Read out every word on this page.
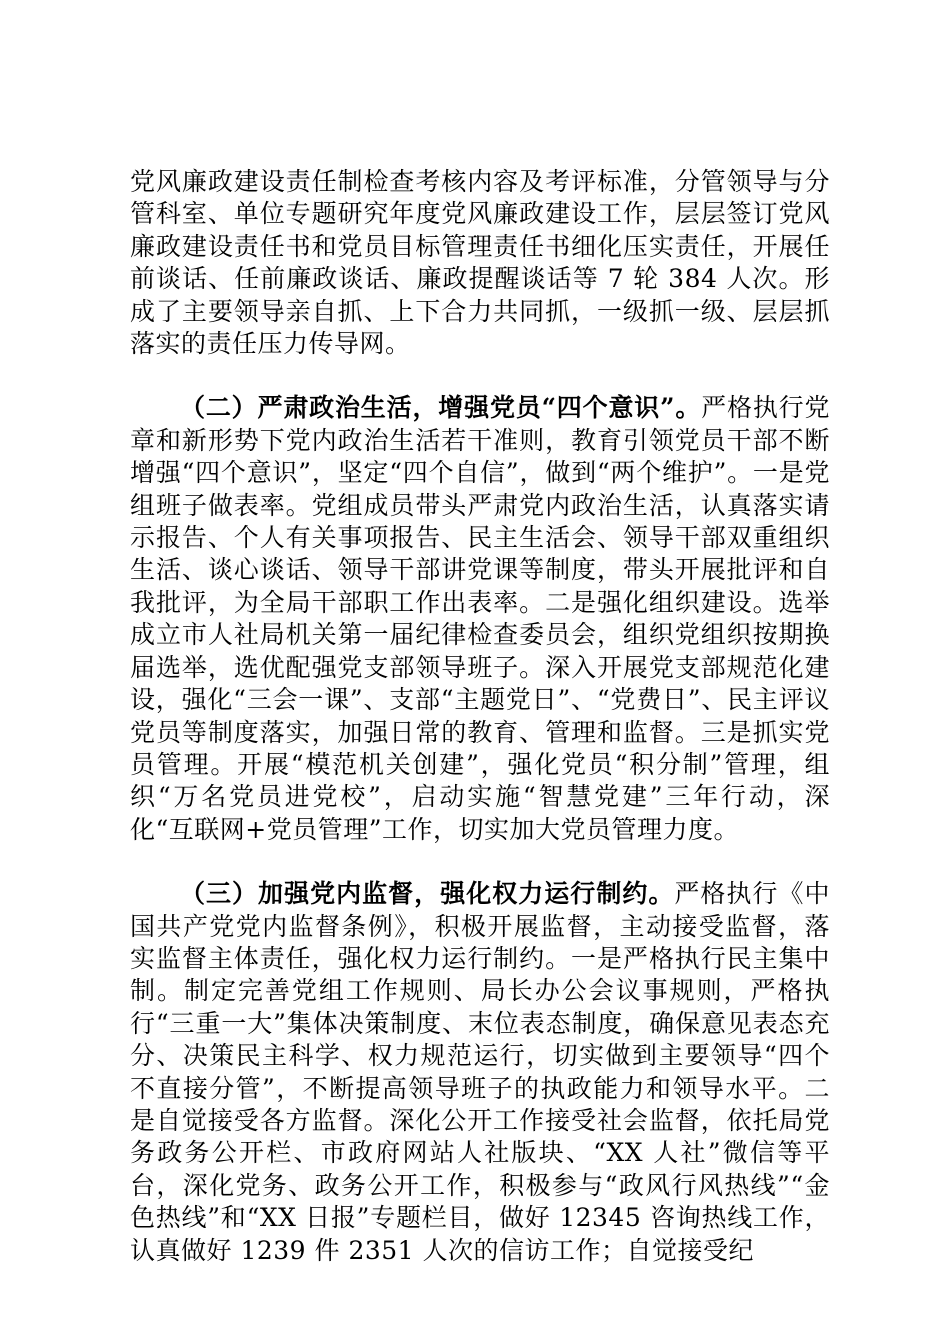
党风廉政建设责任制检查考核内容及考评标准，分管领导与分管科室、单位专题研究年度党风廉政建设工作，层层签订党风廉政建设责任书和党员目标管理责任书细化压实责任，开展任前谈话、任前廉政谈话、廉政提醒谈话等 7 轮 384 人次。形成了主要领导亲自抓、上下合力共同抓，一级抓一级、层层抓落实的责任压力传导网。

（二）严肃政治生活，增强党员“四个意识”。严格执行党章和新形势下党内政治生活若干准则，教育引领党员干部不断增强“四个意识”，坚定“四个自信”，做到“两个维护”。一是党组班子做表率。党组成员带头严肃党内政治生活，认真落实请示报告、个人有关事项报告、民主生活会、领导干部双重组织生活、谈心谈话、领导干部讲党课等制度，带头开展批评和自我批评，为全局干部职工作出表率。二是强化组织建设。选举成立市人社局机关第一届纪律检查委员会，组织党组织按期换届选举，选优配强党支部领导班子。深入开展党支部规范化建设，强化“三会一课”、支部“主题党日”、“党费日”、民主评议党员等制度落实，加强日常的教育、管理和监督。三是抓实党员管理。开展“模范机关创建”，强化党员“积分制”管理，组织“万名党员进党校”，启动实施“智慧党建”三年行动，深化“互联网+党员管理”工作，切实加大党员管理力度。

（三）加强党内监督，强化权力运行制约。严格执行《中国共产党党内监督条例》，积极开展监督，主动接受监督，落实监督主体责任，强化权力运行制约。一是严格执行民主集中制。制定完善党组工作规则、局长办公会议事规则，严格执行“三重一大”集体决策制度、末位表态制度，确保意见表态充分、决策民主科学、权力规范运行，切实做到主要领导“四个不直接分管”，不断提高领导班子的执政能力和领导水平。二是自觉接受各方监督。深化公开工作接受社会监督，依托局党务政务公开栏、市政府网站人社版块、“XX 人社”微信等平台，深化党务、政务公开工作，积极参与“政风行风热线”“金色热线”和“XX 日报”专题栏目，做好 12345 咨询热线工作，认真做好 1239 件 2351 人次的信访工作；自觉接受纪
